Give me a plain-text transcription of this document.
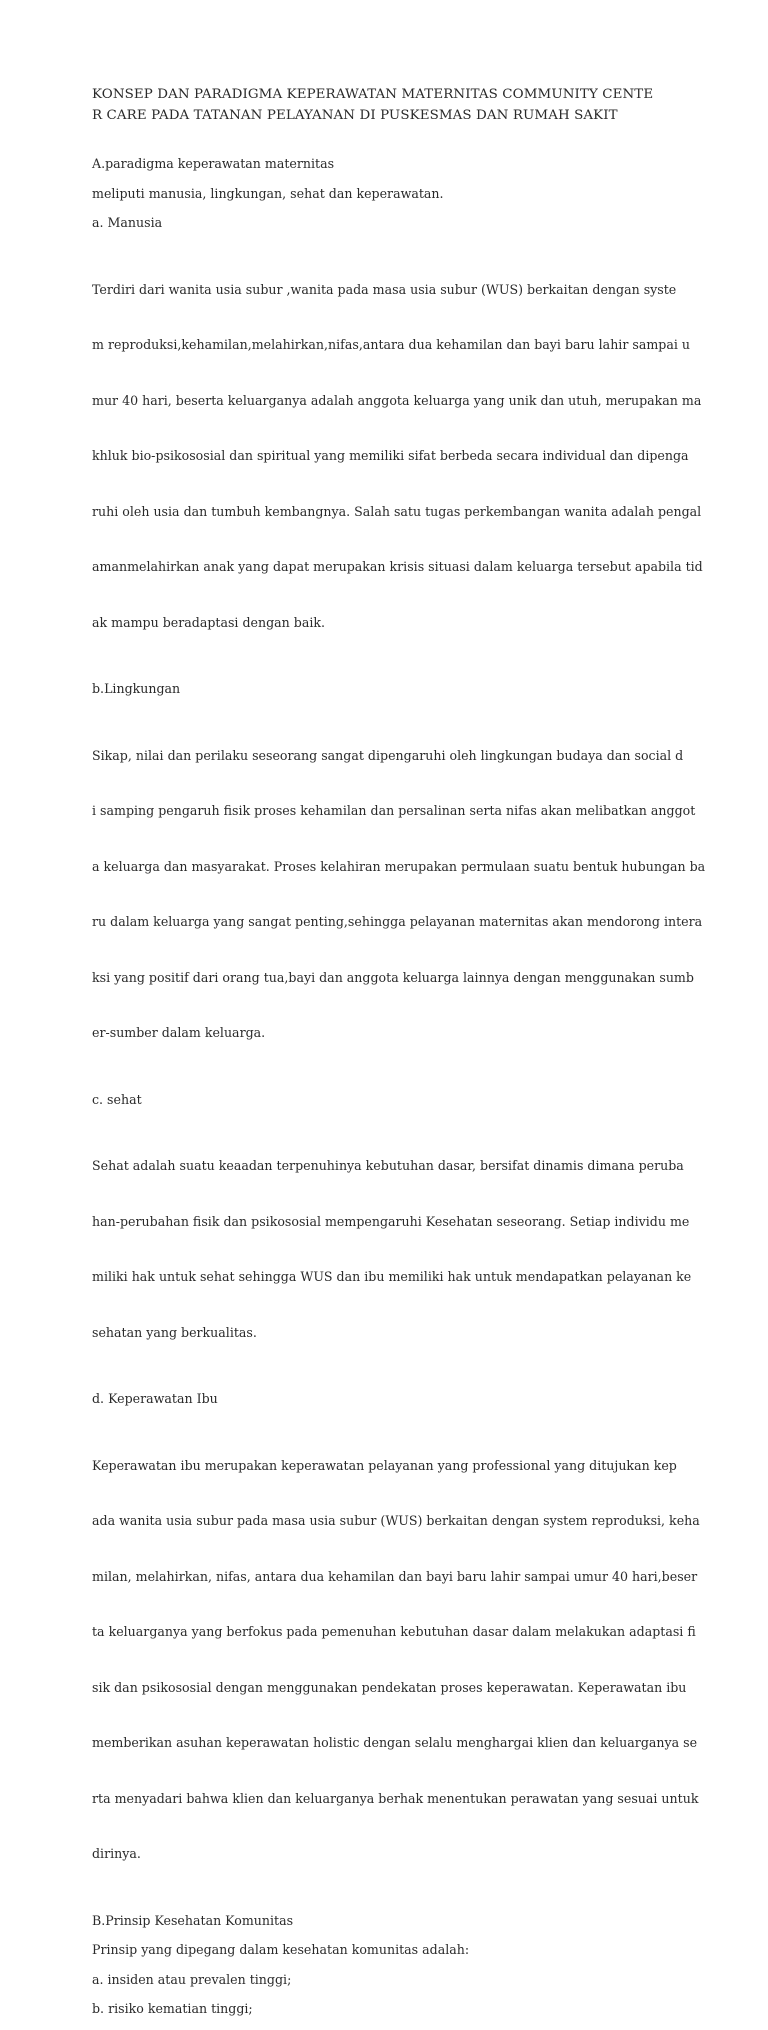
KONSEP DAN PARADIGMA KEPERAWATAN MATERNITAS COMMUNITY CENTE
R CARE PADA TATANAN PELAYANAN DI PUSKESMAS DAN RUMAH SAKIT

A.paradigma keperawatan maternitas

meliputi manusia, lingkungan, sehat dan keperawatan.

a. Manusia

Terdiri dari wanita usia subur ,wanita pada masa usia subur (WUS) berkaitan dengan syste

m reproduksi,kehamilan,melahirkan,nifas,antara dua kehamilan dan bayi baru lahir sampai u

mur 40 hari, beserta keluarganya adalah anggota keluarga yang unik dan utuh, merupakan ma

khluk bio-psikososial dan spiritual yang memiliki sifat berbeda secara individual dan dipenga

ruhi oleh usia dan tumbuh kembangnya. Salah satu tugas perkembangan wanita adalah pengal

amanmelahirkan anak yang dapat merupakan krisis situasi dalam keluarga tersebut apabila tid

ak mampu beradaptasi dengan baik.

b.Lingkungan

Sikap, nilai dan perilaku seseorang sangat dipengaruhi oleh lingkungan budaya dan social d

i samping pengaruh fisik proses kehamilan dan persalinan serta nifas akan melibatkan anggot

a keluarga dan masyarakat. Proses kelahiran merupakan permulaan suatu bentuk hubungan ba

ru dalam keluarga yang sangat penting,sehingga pelayanan maternitas akan mendorong intera

ksi yang positif dari orang tua,bayi dan anggota keluarga lainnya dengan menggunakan sumb

er-sumber dalam keluarga.

c. sehat

Sehat adalah suatu keaadan terpenuhinya kebutuhan dasar, bersifat dinamis dimana peruba

han-perubahan fisik dan psikososial mempengaruhi Kesehatan seseorang. Setiap individu me

miliki hak untuk sehat sehingga WUS dan ibu memiliki hak untuk mendapatkan pelayanan ke

sehatan yang berkualitas.

d. Keperawatan Ibu

Keperawatan ibu merupakan keperawatan pelayanan yang professional yang ditujukan kep

ada wanita usia subur pada masa usia subur (WUS) berkaitan dengan system reproduksi, keha

milan, melahirkan, nifas, antara dua kehamilan dan bayi baru lahir sampai umur 40 hari,beser

ta keluarganya yang berfokus pada pemenuhan kebutuhan dasar dalam melakukan adaptasi fi

sik dan psikososial dengan menggunakan pendekatan proses keperawatan. Keperawatan ibu

memberikan asuhan keperawatan holistic dengan selalu menghargai klien dan keluarganya se

rta menyadari bahwa klien dan keluarganya berhak menentukan perawatan yang sesuai untuk

dirinya.

B.Prinsip Kesehatan Komunitas

Prinsip yang dipegang dalam kesehatan komunitas adalah:

a. insiden atau prevalen tinggi;

b. risiko kematian tinggi;
